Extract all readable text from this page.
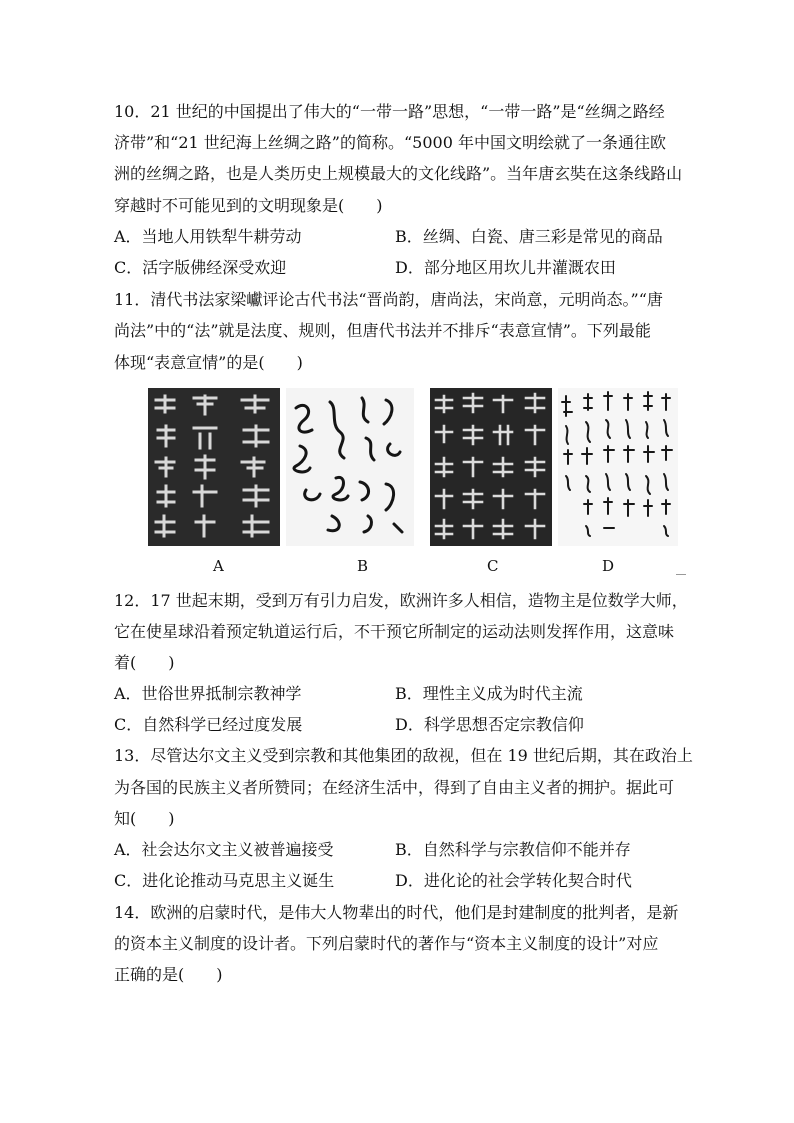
10．21 世纪的中国提出了伟大的“一带一路”思想，“一带一路”是“丝绸之路经
济带”和“21 世纪海上丝绸之路”的简称。“5000 年中国文明绘就了一条通往欧
洲的丝绸之路，也是人类历史上规模最大的文化线路”。当年唐玄奘在这条线路山
穿越时不可能见到的文明现象是(　　)
A．当地人用铁犁牛耕劳动	B．丝绸、白瓷、唐三彩是常见的商品
C．活字版佛经深受欢迎	D．部分地区用坎儿井灌溉农田
11．清代书法家梁巘评论古代书法“晋尚韵，唐尚法，宋尚意，元明尚态。”“唐
尚法”中的“法”就是法度、规则，但唐代书法并不排斥“表意宣情”。下列最能
体现“表意宣情”的是(　　)
A	B	C	D
12．17 世起末期，受到万有引力启发，欧洲许多人相信，造物主是位数学大师，
它在使星球沿着预定轨道运行后，不干预它所制定的运动法则发挥作用，这意味
着(　　)
A．世俗世界抵制宗教神学	B．理性主义成为时代主流
C．自然科学已经过度发展	D．科学思想否定宗教信仰
13．尽管达尔文主义受到宗教和其他集团的敌视，但在 19 世纪后期，其在政治上
为各国的民族主义者所赞同；在经济生活中，得到了自由主义者的拥护。据此可
知(　　)
A．社会达尔文主义被普遍接受	B．自然科学与宗教信仰不能并存
C．进化论推动马克思主义诞生	D．进化论的社会学转化契合时代
14．欧洲的启蒙时代，是伟大人物辈出的时代，他们是封建制度的批判者，是新
的资本主义制度的设计者。下列启蒙时代的著作与“资本主义制度的设计”对应
正确的是(　　)
